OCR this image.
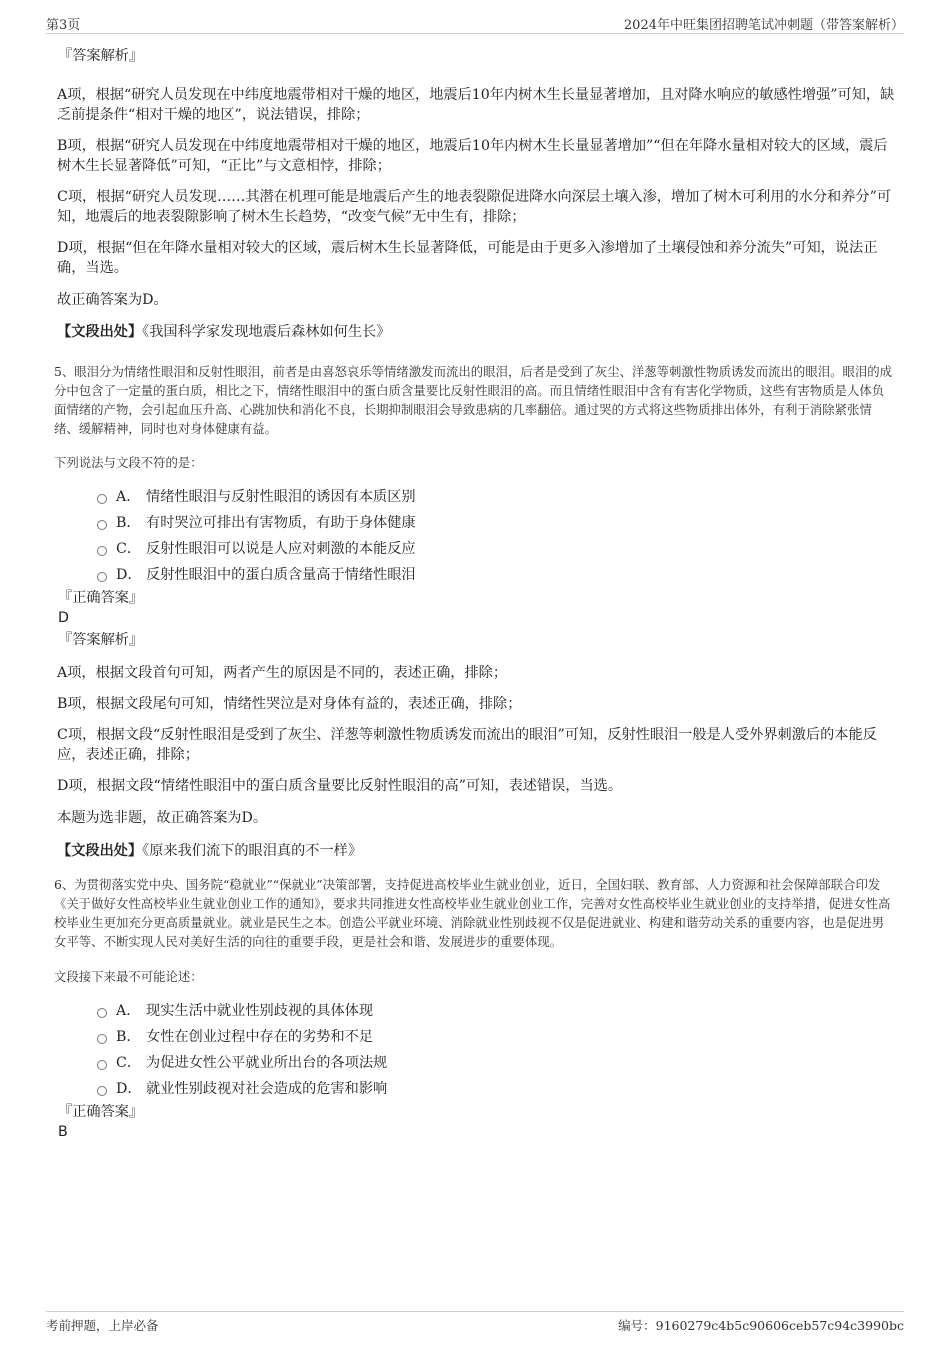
第3页	2024年中旺集团招聘笔试冲刺题（带答案解析）
『答案解析』
A项，根据“研究人员发现在中纬度地震带相对干燥的地区，地震后10年内树木生长量显著增加，且对降水响应的敏感性增强”可知，缺乏前提条件“相对干燥的地区”，说法错误，排除；
B项，根据“研究人员发现在中纬度地震带相对干燥的地区，地震后10年内树木生长量显著增加”“但在年降水量相对较大的区域，震后树木生长显著降低”可知，“正比”与文意相悖，排除；
C项，根据“研究人员发现……其潜在机理可能是地震后产生的地表裂隙促进降水向深层土壤入渗，增加了树木可利用的水分和养分”可知，地震后的地表裂隙影响了树木生长趋势，“改变气候”无中生有，排除；
D项，根据“但在年降水量相对较大的区域，震后树木生长显著降低，可能是由于更多入渗增加了土壤侵蚀和养分流失”可知，说法正确，当选。
故正确答案为D。
【文段出处】《我国科学家发现地震后森林如何生长》
5、眼泪分为情绪性眼泪和反射性眼泪，前者是由喜怒哀乐等情绪激发而流出的眼泪，后者是受到了灰尘、洋葱等刺激性物质诱发而流出的眼泪。眼泪的成分中包含了一定量的蛋白质，相比之下，情绪性眼泪中的蛋白质含量要比反射性眼泪的高。而且情绪性眼泪中含有有害化学物质，这些有害物质是人体负面情绪的产物，会引起血压升高、心跳加快和消化不良，长期抑制眼泪会导致患病的几率翻倍。通过哭的方式将这些物质排出体外，有利于消除紧张情绪、缓解精神，同时也对身体健康有益。
下列说法与文段不符的是：
A． 情绪性眼泪与反射性眼泪的诱因有本质区别
B． 有时哭泣可排出有害物质，有助于身体健康
C． 反射性眼泪可以说是人应对刺激的本能反应
D． 反射性眼泪中的蛋白质含量高于情绪性眼泪
『正确答案』
D
『答案解析』
A项，根据文段首句可知，两者产生的原因是不同的，表述正确，排除；
B项，根据文段尾句可知，情绪性哭泣是对身体有益的，表述正确，排除；
C项，根据文段“反射性眼泪是受到了灰尘、洋葱等刺激性物质诱发而流出的眼泪”可知，反射性眼泪一般是人受外界刺激后的本能反应，表述正确，排除；
D项，根据文段“情绪性眼泪中的蛋白质含量要比反射性眼泪的高”可知，表述错误，当选。
本题为选非题，故正确答案为D。
【文段出处】《原来我们流下的眼泪真的不一样》
6、为贯彻落实党中央、国务院“稳就业”“保就业”决策部署，支持促进高校毕业生就业创业，近日，全国妇联、教育部、人力资源和社会保障部联合印发《关于做好女性高校毕业生就业创业工作的通知》，要求共同推进女性高校毕业生就业创业工作，完善对女性高校毕业生就业创业的支持举措，促进女性高校毕业生更加充分更高质量就业。就业是民生之本。创造公平就业环境、消除就业性别歧视不仅是促进就业、构建和谐劳动关系的重要内容，也是促进男女平等、不断实现人民对美好生活的向往的重要手段，更是社会和谐、发展进步的重要体现。
文段接下来最不可能论述：
A． 现实生活中就业性别歧视的具体体现
B． 女性在创业过程中存在的劣势和不足
C． 为促进女性公平就业所出台的各项法规
D． 就业性别歧视对社会造成的危害和影响
『正确答案』
B
考前押题，上岸必备	编号：9160279c4b5c90606ceb57c94c3990bc
